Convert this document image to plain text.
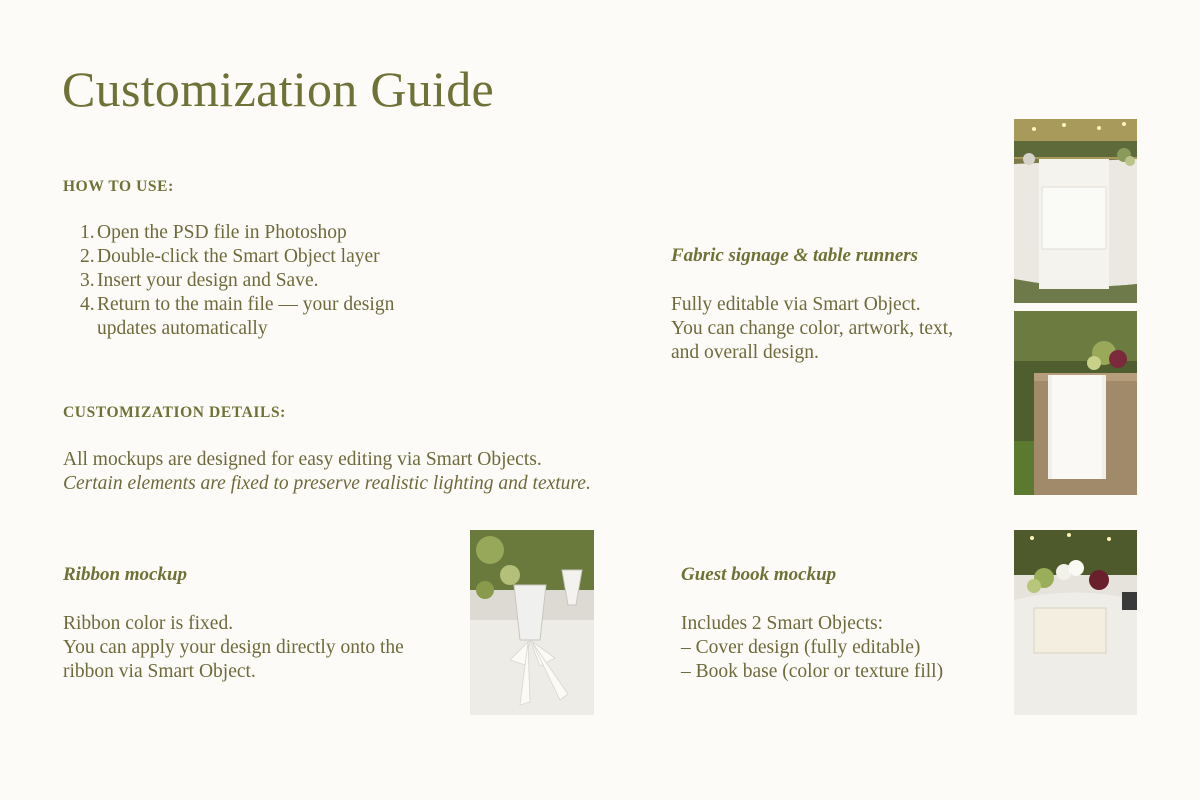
Customization Guide
HOW TO USE:
1. Open the PSD file in Photoshop
2. Double-click the Smart Object layer
3. Insert your design and Save.
4. Return to the main file — your design
updates automatically
CUSTOMIZATION DETAILS:
All mockups are designed for easy editing via Smart Objects.
Certain elements are fixed to preserve realistic lighting and texture.
Fabric signage & table runners
Fully editable via Smart Object.
You can change color, artwork, text,
and overall design.
Ribbon mockup
Ribbon color is fixed.
You can apply your design directly onto the
ribbon via Smart Object.
Guest book mockup
Includes 2 Smart Objects:
– Cover design (fully editable)
– Book base (color or texture fill)
